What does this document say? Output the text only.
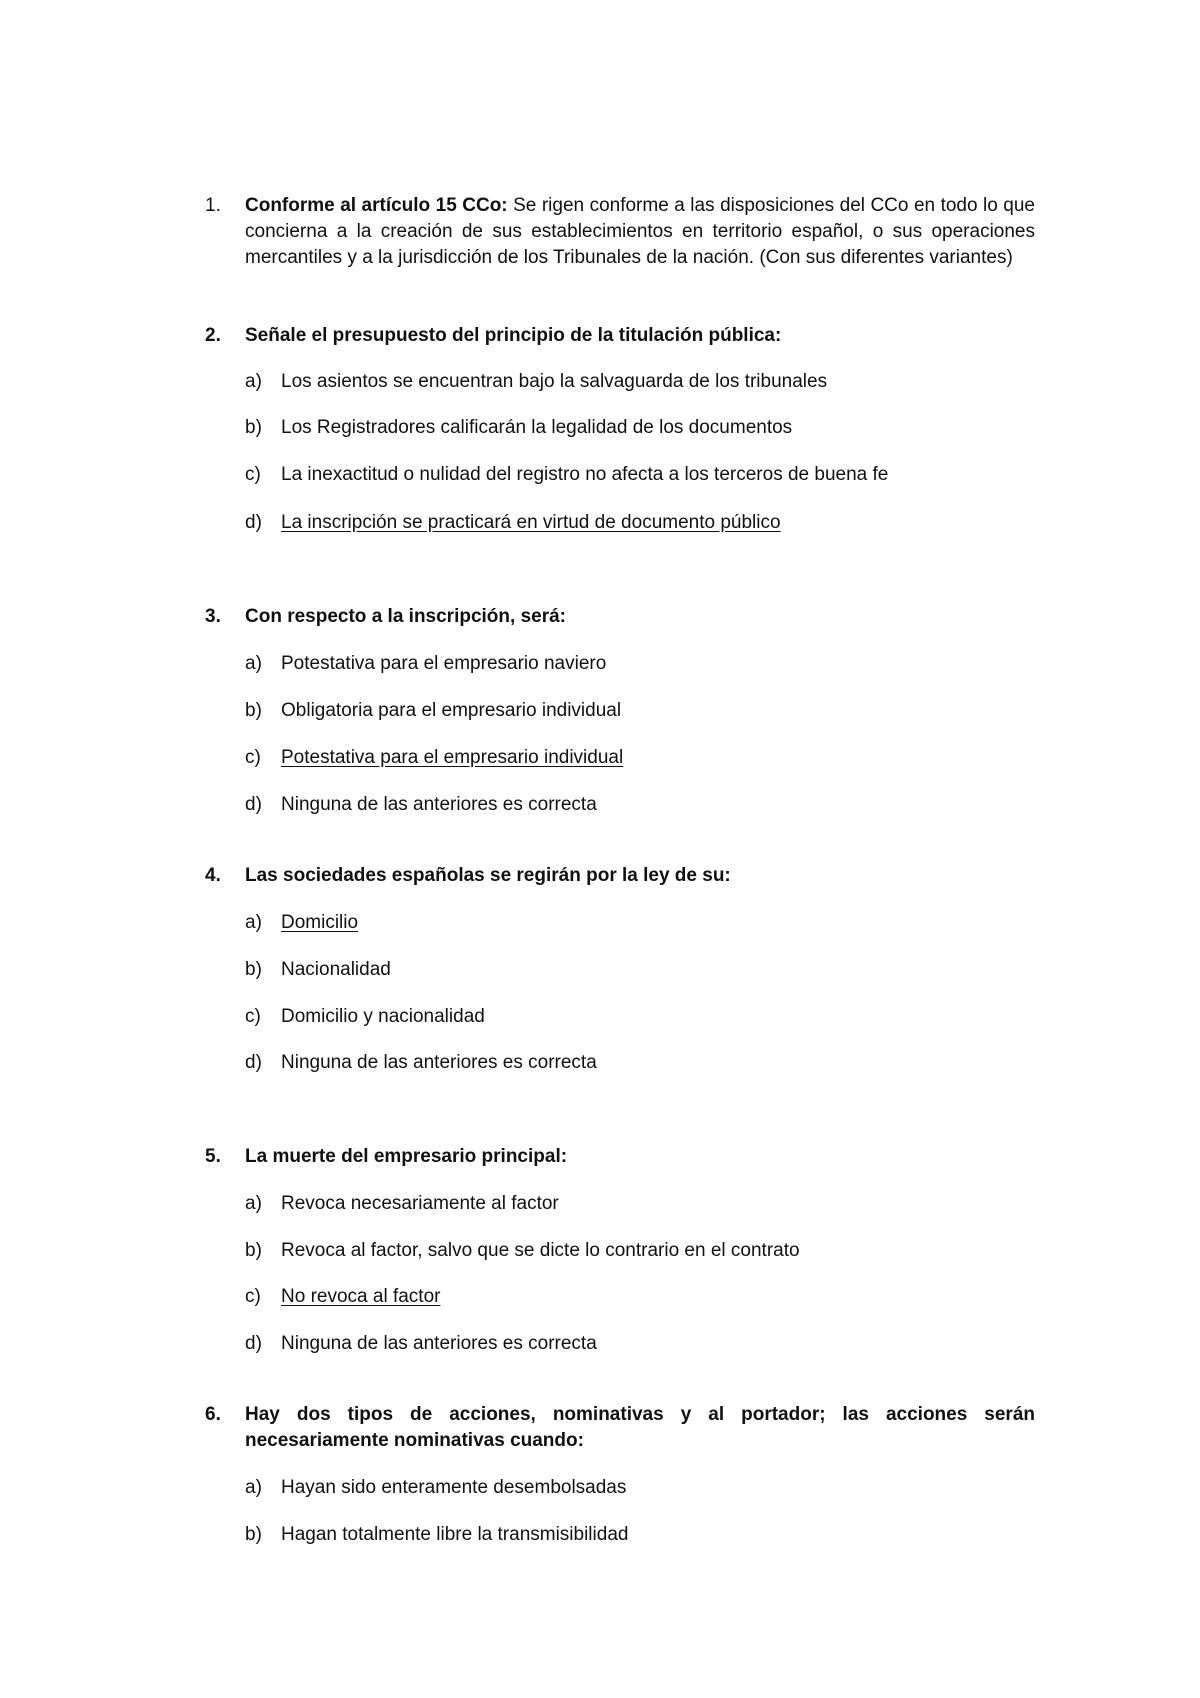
1.	Conforme al artículo 15 CCo: Se rigen conforme a las disposiciones del CCo en todo lo que concierna a la creación de sus establecimientos en territorio español, o sus operaciones mercantiles y a la jurisdicción de los Tribunales de la nación. (Con sus diferentes variantes)
2.	Señale el presupuesto del principio de la titulación pública:
a) Los asientos se encuentran bajo la salvaguarda de los tribunales
b) Los Registradores calificarán la legalidad de los documentos
c) La inexactitud o nulidad del registro no afecta a los terceros de buena fe
d) La inscripción se practicará en virtud de documento público
3.	Con respecto a la inscripción, será:
a) Potestativa para el empresario naviero
b) Obligatoria para el empresario individual
c) Potestativa para el empresario individual
d) Ninguna de las anteriores es correcta
4.	Las sociedades españolas se regirán por la ley de su:
a) Domicilio
b) Nacionalidad
c) Domicilio y nacionalidad
d) Ninguna de las anteriores es correcta
5.	La muerte del empresario principal:
a) Revoca necesariamente al factor
b) Revoca al factor, salvo que se dicte lo contrario en el contrato
c) No revoca al factor
d) Ninguna de las anteriores es correcta
6.	Hay dos tipos de acciones, nominativas y al portador; las acciones serán necesariamente nominativas cuando:
a) Hayan sido enteramente desembolsadas
b) Hagan totalmente libre la transmisibilidad
